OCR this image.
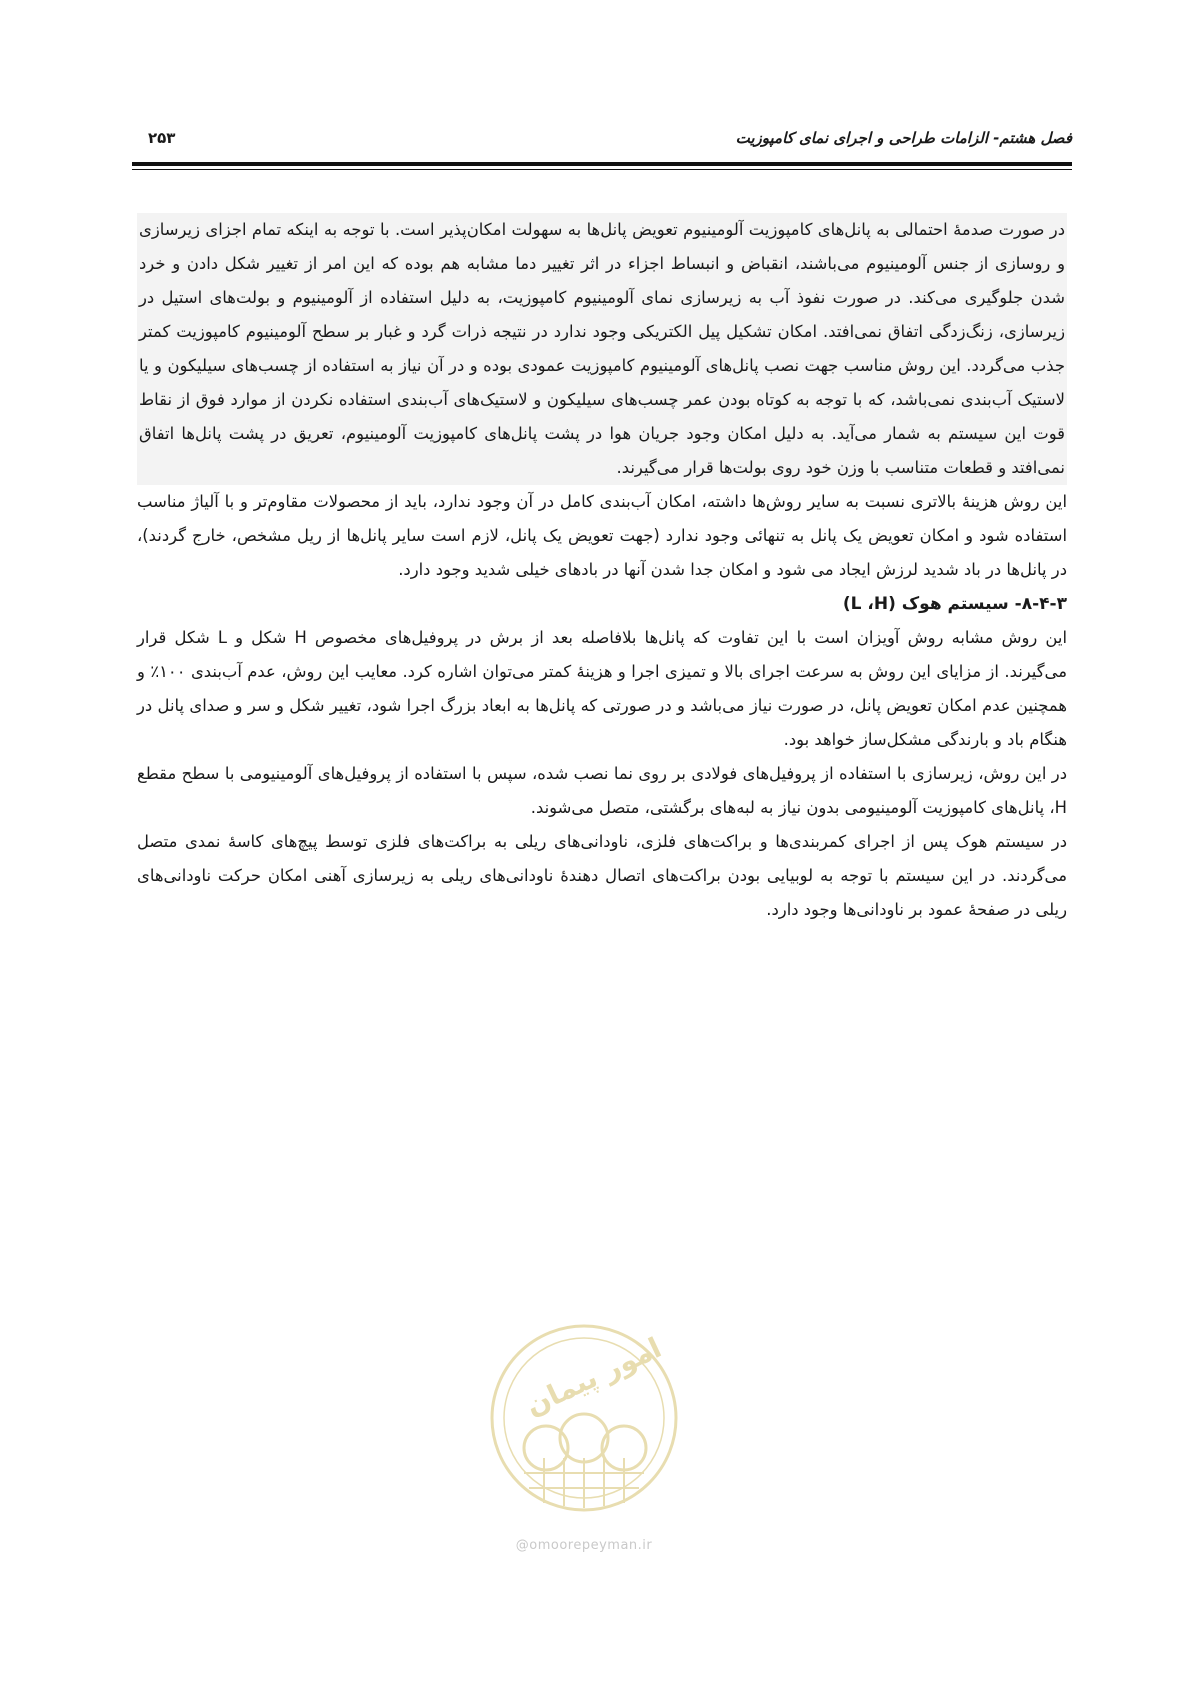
فصل هشتم- الزامات طراحی و اجرای نمای کامپوزیت
۲۵۳

در صورت صدمهٔ احتمالی به پانل‌های کامپوزیت آلومینیوم تعویض پانل‌ها به سهولت امکان‌پذیر است. با توجه به اینکه تمام اجزای زیرسازی و روسازی از جنس آلومینیوم می‌باشند، انقباض و انبساط اجزاء در اثر تغییر دما مشابه هم بوده که این امر از تغییر شکل دادن و خرد شدن جلوگیری می‌کند. در صورت نفوذ آب به زیرسازی نمای آلومینیوم کامپوزیت، به دلیل استفاده از آلومینیوم و بولت‌های استیل در زیرسازی، زنگ‌زدگی اتفاق نمی‌افتد. امکان تشکیل پیل الکتریکی وجود ندارد در نتیجه ذرات گرد و غبار بر سطح آلومینیوم کامپوزیت کمتر جذب می‌گردد. این روش مناسب جهت نصب پانل‌های آلومینیوم کامپوزیت عمودی بوده و در آن نیاز به استفاده از چسب‌های سیلیکون و یا لاستیک آب‌بندی نمی‌باشد، که با توجه به کوتاه بودن عمر چسب‌های سیلیکون و لاستیک‌های آب‌بندی استفاده نکردن از موارد فوق از نقاط قوت این سیستم به شمار می‌آید. به دلیل امکان وجود جریان هوا در پشت پانل‌های کامپوزیت آلومینیوم، تعریق در پشت پانل‌ها اتفاق نمی‌افتد و قطعات متناسب با وزن خود روی بولت‌ها قرار می‌گیرند.

این روش هزینهٔ بالاتری نسبت به سایر روش‌ها داشته، امکان آب‌بندی کامل در آن وجود ندارد، باید از محصولات مقاوم‌تر و با آلیاژ مناسب استفاده شود و امکان تعویض یک پانل به تنهائی وجود ندارد (جهت تعویض یک پانل، لازم است سایر پانل‌ها از ریل مشخص، خارج گردند)، در پانل‌ها در باد شدید لرزش ایجاد می شود و امکان جدا شدن آنها در بادهای خیلی شدید وجود دارد.

۸-۴-۳- سیستم هوک (L ،H)

این روش مشابه روش آویزان است با این تفاوت که پانل‌ها بلافاصله بعد از برش در پروفیل‌های مخصوص H شکل و L شکل قرار می‌گیرند. از مزایای این روش به سرعت اجرای بالا و تمیزی اجرا و هزینهٔ کمتر می‌توان اشاره کرد. معایب این روش، عدم آب‌بندی ۱۰۰٪ و همچنین عدم امکان تعویض پانل، در صورت نیاز می‌باشد و در صورتی که پانل‌ها به ابعاد بزرگ اجرا شود، تغییر شکل و سر و صدای پانل در هنگام باد و بارندگی مشکل‌ساز خواهد بود.

در این روش، زیرسازی با استفاده از پروفیل‌های فولادی بر روی نما نصب شده، سپس با استفاده از پروفیل‌های آلومینیومی با سطح مقطع H، پانل‌های کامپوزیت آلومینیومی بدون نیاز به لبه‌های برگشتی، متصل می‌شوند.

در سیستم هوک پس از اجرای کمربندی‌ها و براکت‌های فلزی، ناودانی‌های ریلی به براکت‌های فلزی توسط پیچ‌های کاسهٔ نمدی متصل می‌گردند. در این سیستم با توجه به لوبیایی بودن براکت‌های اتصال دهندهٔ ناودانی‌های ریلی به زیرسازی آهنی امکان حرکت ناودانی‌های ریلی در صفحهٔ عمود بر ناودانی‌ها وجود دارد.

امور پیمان
@omoorepeyman.ir
